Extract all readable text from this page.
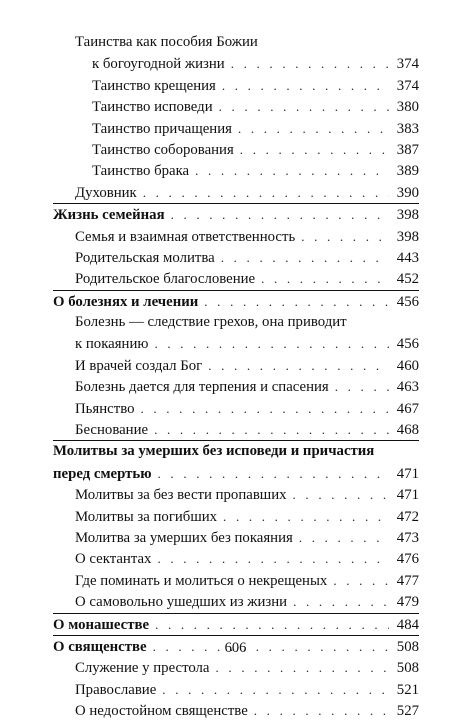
Таинства как пособия Божии
к богоугодной жизни . . .	374
Таинство крещения . . .	374
Таинство исповеди . . .	380
Таинство причащения . . .	383
Таинство соборования . . .	387
Таинство брака . . .	389
Духовник . . .	390
Жизнь семейная . . .	398
Семья и взаимная ответственность . . .	398
Родительская молитва . . .	443
Родительское благословение . . .	452
О болезнях и лечении . . .	456
Болезнь — следствие грехов, она приводит
к покаянию . . .	456
И врачей создал Бог . . .	460
Болезнь дается для терпения и спасения . . .	463
Пьянство . . .	467
Беснование . . .	468
Молитвы за умерших без исповеди и причастия
перед смертью . . .	471
Молитвы за без вести пропавших . . .	471
Молитвы за погибших . . .	472
Молитва за умерших без покаяния . . .	473
О сектантах . . .	476
Где поминать и молиться о некрещеных . . .	477
О самовольно ушедших из жизни . . .	479
О монашестве . . .	484
О священстве . . .	508
Служение у престола . . .	508
Православие . . .	521
О недостойном священстве . . .	527
606
